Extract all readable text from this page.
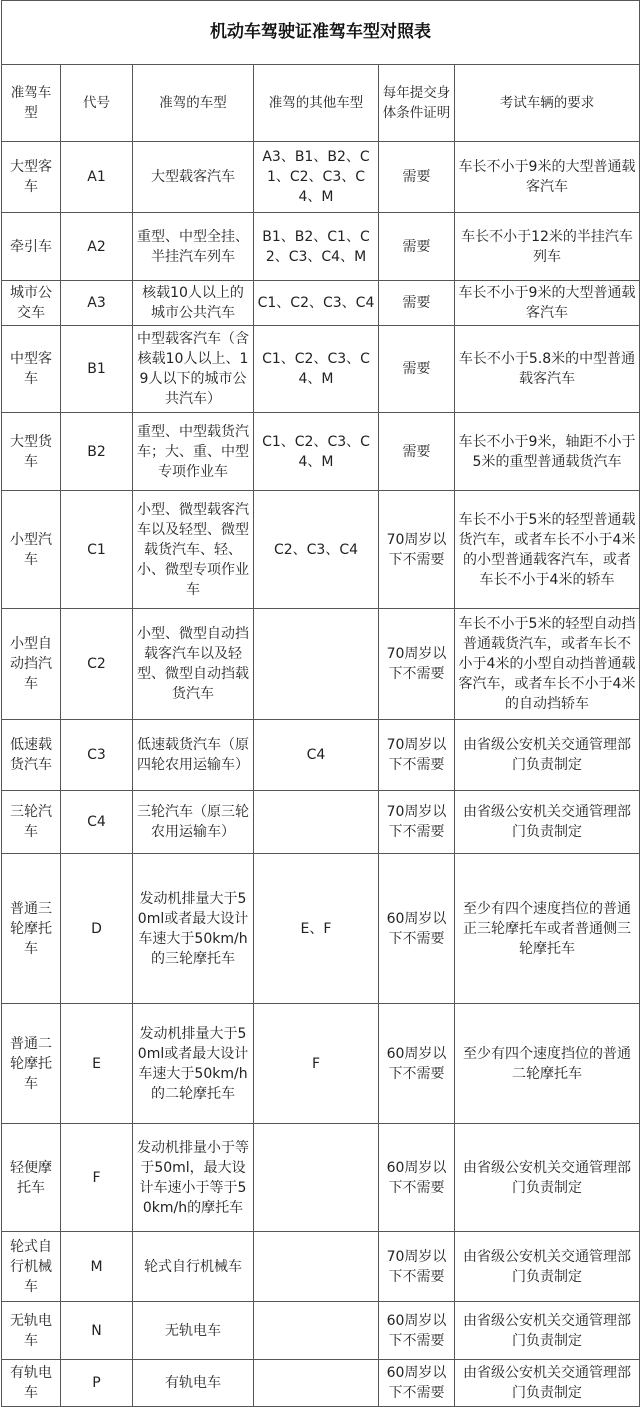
机动车驾驶证准驾车型对照表
准驾车型	代号	准驾的车型	准驾的其他车型	每年提交身体条件证明	考试车辆的要求
大型客车	A1	大型载客汽车	A3、B1、B2、C1、C2、C3、C4、M	需要	车长不小于9米的大型普通载客汽车
牵引车	A2	重型、中型全挂、半挂汽车列车	B1、B2、C1、C2、C3、C4、M	需要	车长不小于12米的半挂汽车列车
城市公交车	A3	核载10人以上的城市公共汽车	C1、C2、C3、C4	需要	车长不小于9米的大型普通载客汽车
中型客车	B1	中型载客汽车（含核载10人以上、19人以下的城市公共汽车）	C1、C2、C3、C4、M	需要	车长不小于5.8米的中型普通载客汽车
大型货车	B2	重型、中型载货汽车；大、重、中型专项作业车	C1、C2、C3、C4、M	需要	车长不小于9米，轴距不小于5米的重型普通载货汽车
小型汽车	C1	小型、微型载客汽车以及轻型、微型载货汽车、轻、小、微型专项作业车	C2、C3、C4	70周岁以下不需要	车长不小于5米的轻型普通载货汽车，或者车长不小于4米的小型普通载客汽车，或者车长不小于4米的轿车
小型自动挡汽车	C2	小型、微型自动挡载客汽车以及轻型、微型自动挡载货汽车		70周岁以下不需要	车长不小于5米的轻型自动挡普通载货汽车，或者车长不小于4米的小型自动挡普通载客汽车，或者车长不小于4米的自动挡轿车
低速载货汽车	C3	低速载货汽车（原四轮农用运输车）	C4	70周岁以下不需要	由省级公安机关交通管理部门负责制定
三轮汽车	C4	三轮汽车（原三轮农用运输车）		70周岁以下不需要	由省级公安机关交通管理部门负责制定
普通三轮摩托车	D	发动机排量大于50ml或者最大设计车速大于50km/h的三轮摩托车	E、F	60周岁以下不需要	至少有四个速度挡位的普通正三轮摩托车或者普通侧三轮摩托车
普通二轮摩托车	E	发动机排量大于50ml或者最大设计车速大于50km/h的二轮摩托车	F	60周岁以下不需要	至少有四个速度挡位的普通二轮摩托车
轻便摩托车	F	发动机排量小于等于50ml，最大设计车速小于等于50km/h的摩托车		60周岁以下不需要	由省级公安机关交通管理部门负责制定
轮式自行机械车	M	轮式自行机械车		70周岁以下不需要	由省级公安机关交通管理部门负责制定
无轨电车	N	无轨电车		60周岁以下不需要	由省级公安机关交通管理部门负责制定
有轨电车	P	有轨电车		60周岁以下不需要	由省级公安机关交通管理部门负责制定
